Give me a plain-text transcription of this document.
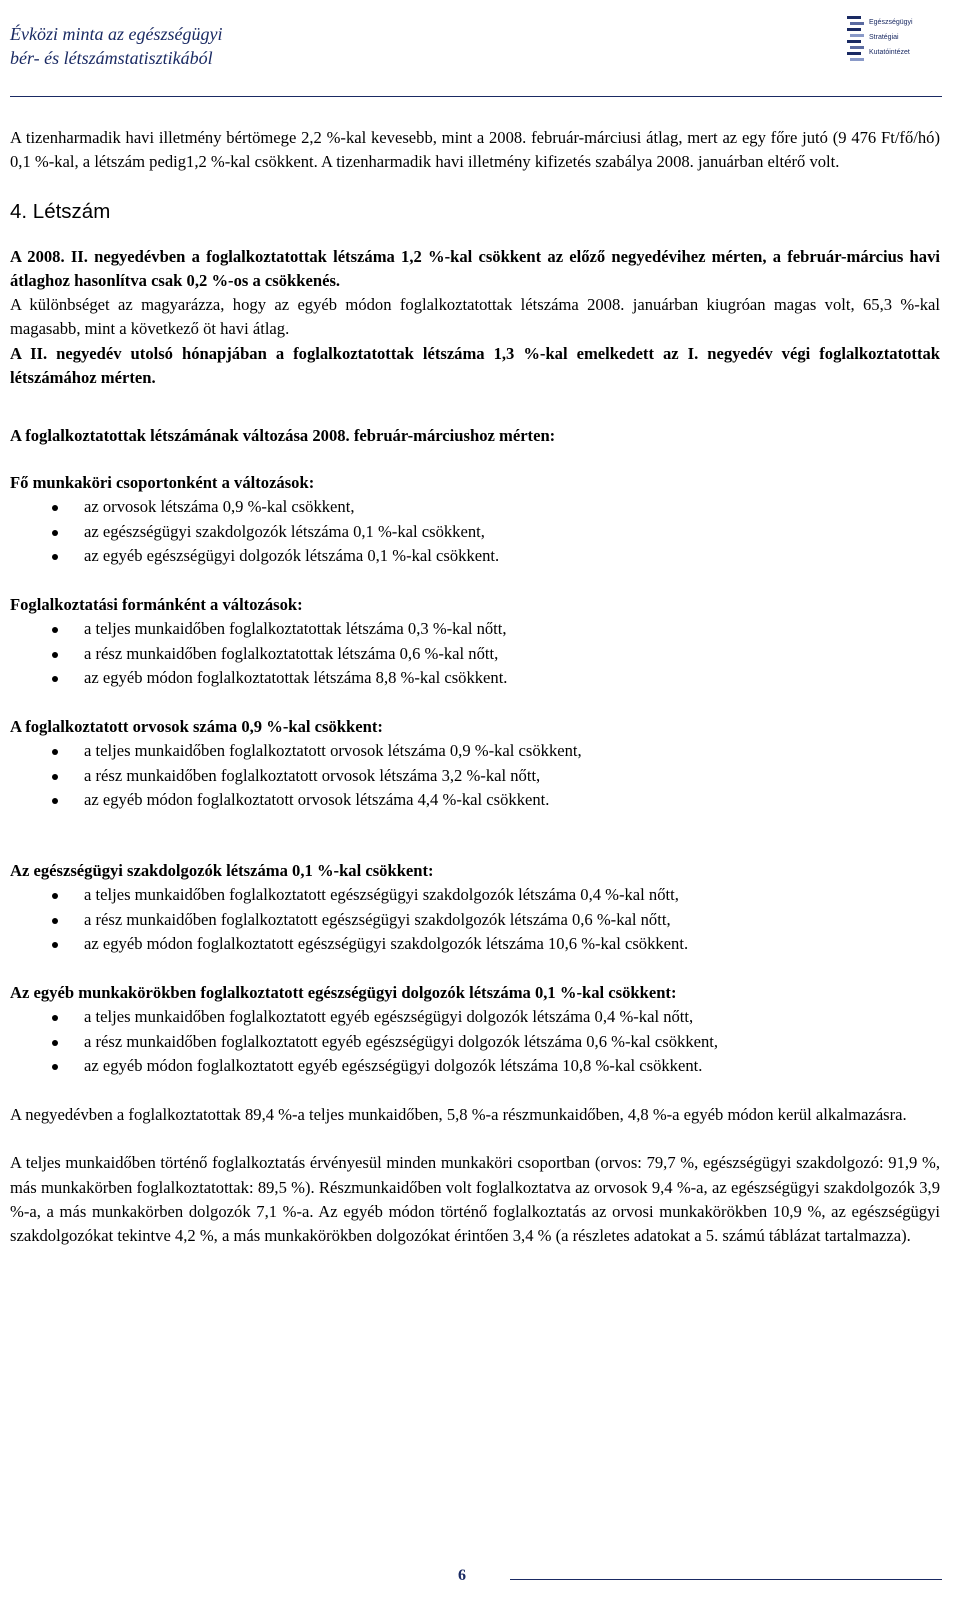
Évközi minta az egészségügyi
bér- és létszámstatisztikából
Egészségügyi
Stratégiai
Kutatóintézet

A tizenharmadik havi illetmény bértömege 2,2 %-kal kevesebb, mint a 2008. február-márciusi átlag, mert az egy főre jutó (9 476 Ft/fő/hó) 0,1 %-kal, a létszám pedig1,2 %-kal csökkent. A tizenharmadik havi illetmény kifizetés szabálya 2008. januárban eltérő volt.

4. Létszám

A 2008. II. negyedévben a foglalkoztatottak létszáma 1,2 %-kal csökkent az előző negyedévihez mérten, a február-március havi átlaghoz hasonlítva csak 0,2 %-os a csökkenés.

A különbséget az magyarázza, hogy az egyéb módon foglalkoztatottak létszáma 2008. januárban kiugróan magas volt, 65,3 %-kal magasabb, mint a következő öt havi átlag.

A II. negyedév utolsó hónapjában a foglalkoztatottak létszáma 1,3 %-kal emelkedett az I. negyedév végi foglalkoztatottak létszámához mérten.

A foglalkoztatottak létszámának változása 2008. február-márciushoz mérten:

Fő munkaköri csoportonként a változások:
az orvosok létszáma 0,9 %-kal csökkent,
az egészségügyi szakdolgozók létszáma 0,1 %-kal csökkent,
az egyéb egészségügyi dolgozók létszáma 0,1 %-kal csökkent.
Foglalkoztatási formánként a változások:
a teljes munkaidőben foglalkoztatottak létszáma 0,3 %-kal nőtt,
a rész munkaidőben foglalkoztatottak létszáma 0,6 %-kal nőtt,
az egyéb módon foglalkoztatottak létszáma 8,8 %-kal csökkent.
A foglalkoztatott orvosok száma 0,9 %-kal csökkent:
a teljes munkaidőben foglalkoztatott orvosok létszáma 0,9 %-kal csökkent,
a rész munkaidőben foglalkoztatott orvosok létszáma 3,2 %-kal nőtt,
az egyéb módon foglalkoztatott orvosok létszáma 4,4 %-kal csökkent.
Az egészségügyi szakdolgozók létszáma 0,1 %-kal csökkent:
a teljes munkaidőben foglalkoztatott egészségügyi szakdolgozók létszáma 0,4 %-kal nőtt,
a rész munkaidőben foglalkoztatott egészségügyi szakdolgozók létszáma 0,6 %-kal nőtt,
az egyéb módon foglalkoztatott egészségügyi szakdolgozók létszáma 10,6 %-kal csökkent.
Az egyéb munkakörökben foglalkoztatott egészségügyi dolgozók létszáma 0,1 %-kal csökkent:
a teljes munkaidőben foglalkoztatott egyéb egészségügyi dolgozók létszáma 0,4 %-kal nőtt,
a rész munkaidőben foglalkoztatott egyéb egészségügyi dolgozók létszáma 0,6 %-kal csökkent,
az egyéb módon foglalkoztatott egyéb egészségügyi dolgozók létszáma 10,8 %-kal csökkent.

A negyedévben a foglalkoztatottak 89,4 %-a teljes munkaidőben, 5,8 %-a részmunkaidőben, 4,8 %-a egyéb módon kerül alkalmazásra.

A teljes munkaidőben történő foglalkoztatás érvényesül minden munkaköri csoportban (orvos: 79,7 %, egészségügyi szakdolgozó: 91,9 %, más munkakörben foglalkoztatottak: 89,5 %). Részmunkaidőben volt foglalkoztatva az orvosok 9,4 %-a, az egészségügyi szakdolgozók 3,9 %-a, a más munkakörben dolgozók 7,1 %-a. Az egyéb módon történő foglalkoztatás az orvosi munkakörökben 10,9 %, az egészségügyi szakdolgozókat tekintve 4,2 %, a más munkakörökben dolgozókat érintően 3,4 % (a részletes adatokat a 5. számú táblázat tartalmazza).

6
